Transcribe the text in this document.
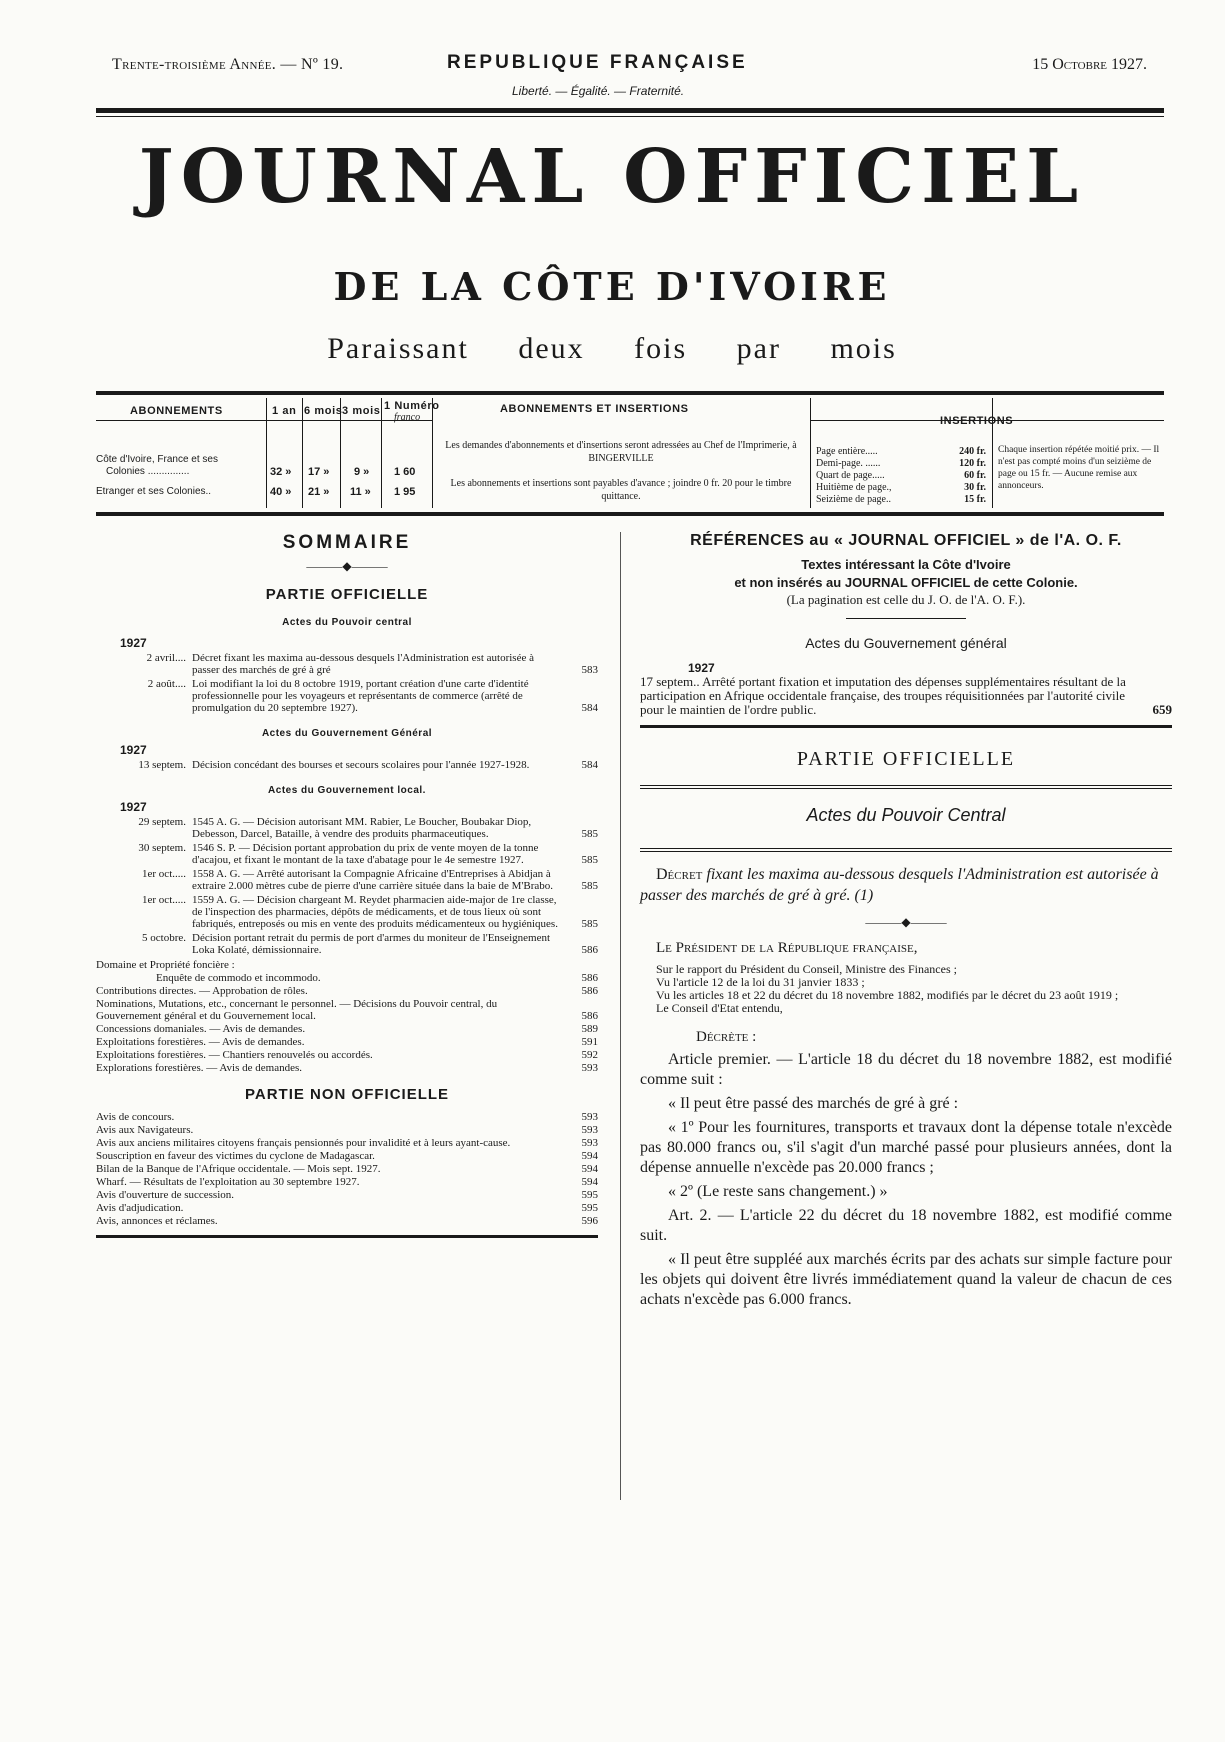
Trente-troisième Année. — Nº 19.	REPUBLIQUE FRANÇAISE	15 Octobre 1927.
Liberté. — Égalité. — Fraternité.
JOURNAL OFFICIEL
DE LA CÔTE D'IVOIRE
Paraissant deux fois par mois
ABONNEMENTS	1 an 6 mois 3 mois 1 Numéro
franco
Côte d'Ivoire, France et ses
Colonies ...............	32 » 17 » 9 » 1 60
Etranger et ses Colonies..	40 » 21 » 11 » 1 95
ABONNEMENTS ET INSERTIONS
Les demandes d'abonnements et d'insertions seront adressées au Chef de l'Imprimerie, à BINGERVILLE
Les abonnements et insertions sont payables d'avance ; joindre 0 fr. 20 pour le timbre quittance.
INSERTIONS
Page entière.....	240 fr.
Demi-page. ......	120 fr.
Quart de page.....	60 fr.
Huitième de page.,	30 fr.
Seizième de page..	15 fr.
Chaque insertion répétée moitié prix. — Il n'est pas compté moins d'un seizième de page ou 15 fr. — Aucune remise aux annonceurs.
SOMMAIRE
———◆———
PARTIE OFFICIELLE
Actes du Pouvoir central
1927
2 avril.... Décret fixant les maxima au-dessous desquels l'Administration est autorisée à passer des marchés de gré à gré	583
2 août.... Loi modifiant la loi du 8 octobre 1919, portant création d'une carte d'identité professionnelle pour les voyageurs et représentants de commerce (arrêté de promulgation du 20 septembre 1927).	584
Actes du Gouvernement Général
1927
13 septem. Décision concédant des bourses et secours scolaires pour l'année 1927-1928.	584
Actes du Gouvernement local.
1927
29 septem. 1545 A. G. — Décision autorisant MM. Rabier, Le Boucher, Boubakar Diop, Debesson, Darcel, Bataille, à vendre des produits pharmaceutiques.	585
30 septem. 1546 S. P. — Décision portant approbation du prix de vente moyen de la tonne d'acajou, et fixant le montant de la taxe d'abatage pour le 4e semestre 1927.	585
1er oct..... 1558 A. G. — Arrêté autorisant la Compagnie Africaine d'Entreprises à Abidjan à extraire 2.000 mètres cube de pierre d'une carrière située dans la baie de M'Brabo.	585
1er oct..... 1559 A. G. — Décision chargeant M. Reydet pharmacien aide-major de 1re classe, de l'inspection des pharmacies, dépôts de médicaments, et de tous lieux où sont fabriqués, entreposés ou mis en vente des produits médicamenteux ou hygiéniques.	585
5 octobre. Décision portant retrait du permis de port d'armes du moniteur de l'Enseignement Loka Kolaté, démissionnaire.	586
Domaine et Propriété foncière :
Enquête de commodo et incommodo.	586
Contributions directes. — Approbation de rôles.	586
Nominations, Mutations, etc., concernant le personnel. — Décisions du Pouvoir central, du Gouvernement général et du Gouvernement local.	586
Concessions domaniales. — Avis de demandes.	589
Exploitations forestières. — Avis de demandes.	591
Exploitations forestières. — Chantiers renouvelés ou accordés.	592
Explorations forestières. — Avis de demandes.	593
PARTIE NON OFFICIELLE
Avis de concours.	593
Avis aux Navigateurs.	593
Avis aux anciens militaires citoyens français pensionnés pour invalidité et à leurs ayant-cause.	593
Souscription en faveur des victimes du cyclone de Madagascar.	594
Bilan de la Banque de l'Afrique occidentale. — Mois sept. 1927.	594
Wharf. — Résultats de l'exploitation au 30 septembre 1927.	594
Avis d'ouverture de succession.	595
Avis d'adjudication.	595
Avis, annonces et réclames.	596
RÉFÉRENCES au « JOURNAL OFFICIEL » de l'A. O. F.
Textes intéressant la Côte d'Ivoire
et non insérés au JOURNAL OFFICIEL de cette Colonie.
(La pagination est celle du J. O. de l'A. O. F.).
Actes du Gouvernement général
1927
17 septem.. Arrêté portant fixation et imputation des dépenses supplémentaires résultant de la participation en Afrique occidentale française, des troupes réquisitionnées par l'autorité civile pour le maintien de l'ordre public.	659
PARTIE OFFICIELLE
Actes du Pouvoir Central
Décret fixant les maxima au-dessous desquels l'Administration est autorisée à passer des marchés de gré à gré. (1)
———◆———
Le Président de la République française,
Sur le rapport du Président du Conseil, Ministre des Finances ;
Vu l'article 12 de la loi du 31 janvier 1833 ;
Vu les articles 18 et 22 du décret du 18 novembre 1882, modifiés par le décret du 23 août 1919 ;
Le Conseil d'Etat entendu,
Décrète :
Article premier. — L'article 18 du décret du 18 novembre 1882, est modifié comme suit :
« Il peut être passé des marchés de gré à gré :
« 1º Pour les fournitures, transports et travaux dont la dépense totale n'excède pas 80.000 francs ou, s'il s'agit d'un marché passé pour plusieurs années, dont la dépense annuelle n'excède pas 20.000 francs ;
« 2º (Le reste sans changement.) »
Art. 2. — L'article 22 du décret du 18 novembre 1882, est modifié comme suit.
« Il peut être suppléé aux marchés écrits par des achats sur simple facture pour les objets qui doivent être livrés immédiatement quand la valeur de chacun de ces achats n'excède pas 6.000 francs.
